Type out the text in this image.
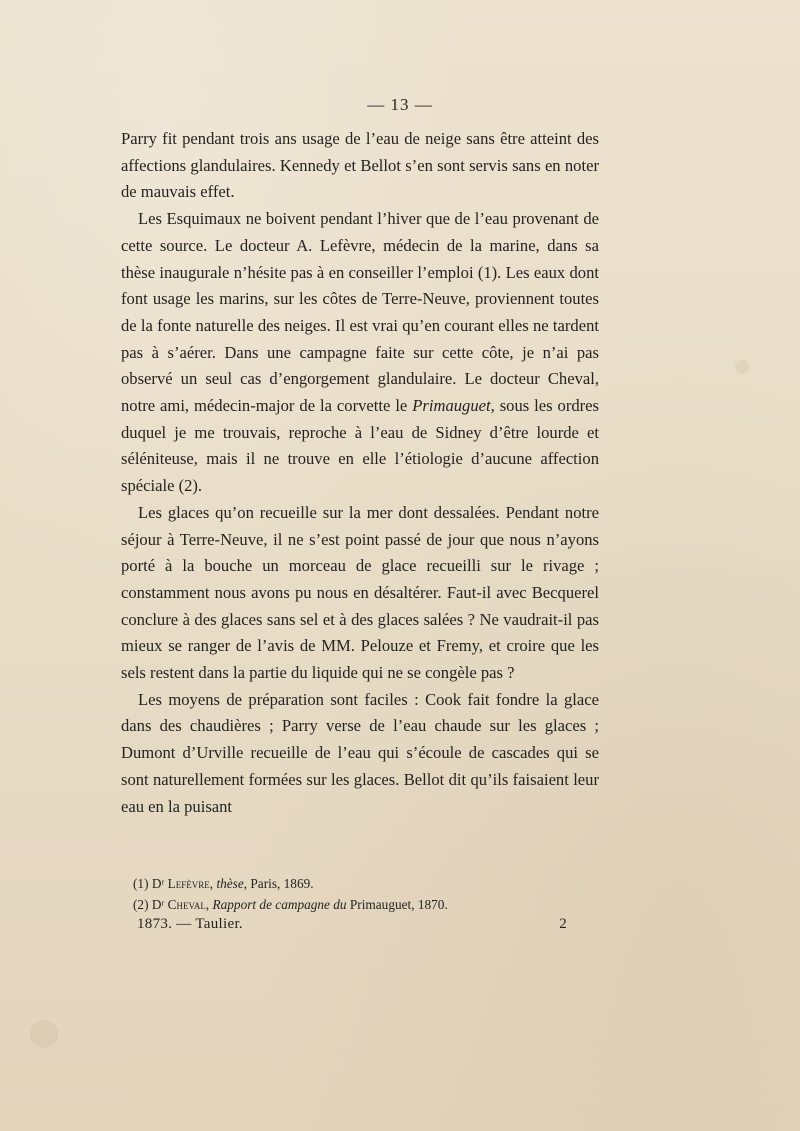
— 13 —

Parry fit pendant trois ans usage de l’eau de neige sans être atteint des affections glandulaires. Kennedy et Bellot s’en sont servis sans en noter de mauvais effet.

Les Esquimaux ne boivent pendant l’hiver que de l’eau provenant de cette source. Le docteur A. Lefèvre, médecin de la marine, dans sa thèse inaugurale n’hésite pas à en conseiller l’emploi (1). Les eaux dont font usage les marins, sur les côtes de Terre-Neuve, proviennent toutes de la fonte naturelle des neiges. Il est vrai qu’en courant elles ne tardent pas à s’aérer. Dans une campagne faite sur cette côte, je n’ai pas observé un seul cas d’engorgement glandulaire. Le docteur Cheval, notre ami, médecin-major de la corvette le Primauguet, sous les ordres duquel je me trouvais, reproche à l’eau de Sidney d’être lourde et séléniteuse, mais il ne trouve en elle l’étiologie d’aucune affection spéciale (2).

Les glaces qu’on recueille sur la mer dont dessalées. Pendant notre séjour à Terre-Neuve, il ne s’est point passé de jour que nous n’ayons porté à la bouche un morceau de glace recueilli sur le rivage ; constamment nous avons pu nous en désaltérer. Faut-il avec Becquerel conclure à des glaces sans sel et à des glaces salées ? Ne vaudrait-il pas mieux se ranger de l’avis de MM. Pelouze et Fremy, et croire que les sels restent dans la partie du liquide qui ne se congèle pas ?

Les moyens de préparation sont faciles : Cook fait fondre la glace dans des chaudières ; Parry verse de l’eau chaude sur les glaces ; Dumont d’Urville recueille de l’eau qui s’écoule de cascades qui se sont naturellement formées sur les glaces. Bellot dit qu’ils faisaient leur eau en la puisant

(1) Dʳ Lefèvre, thèse, Paris, 1869.
(2) Dʳ Cheval, Rapport de campagne du Primauguet, 1870.
1873. — Taulier.	2
